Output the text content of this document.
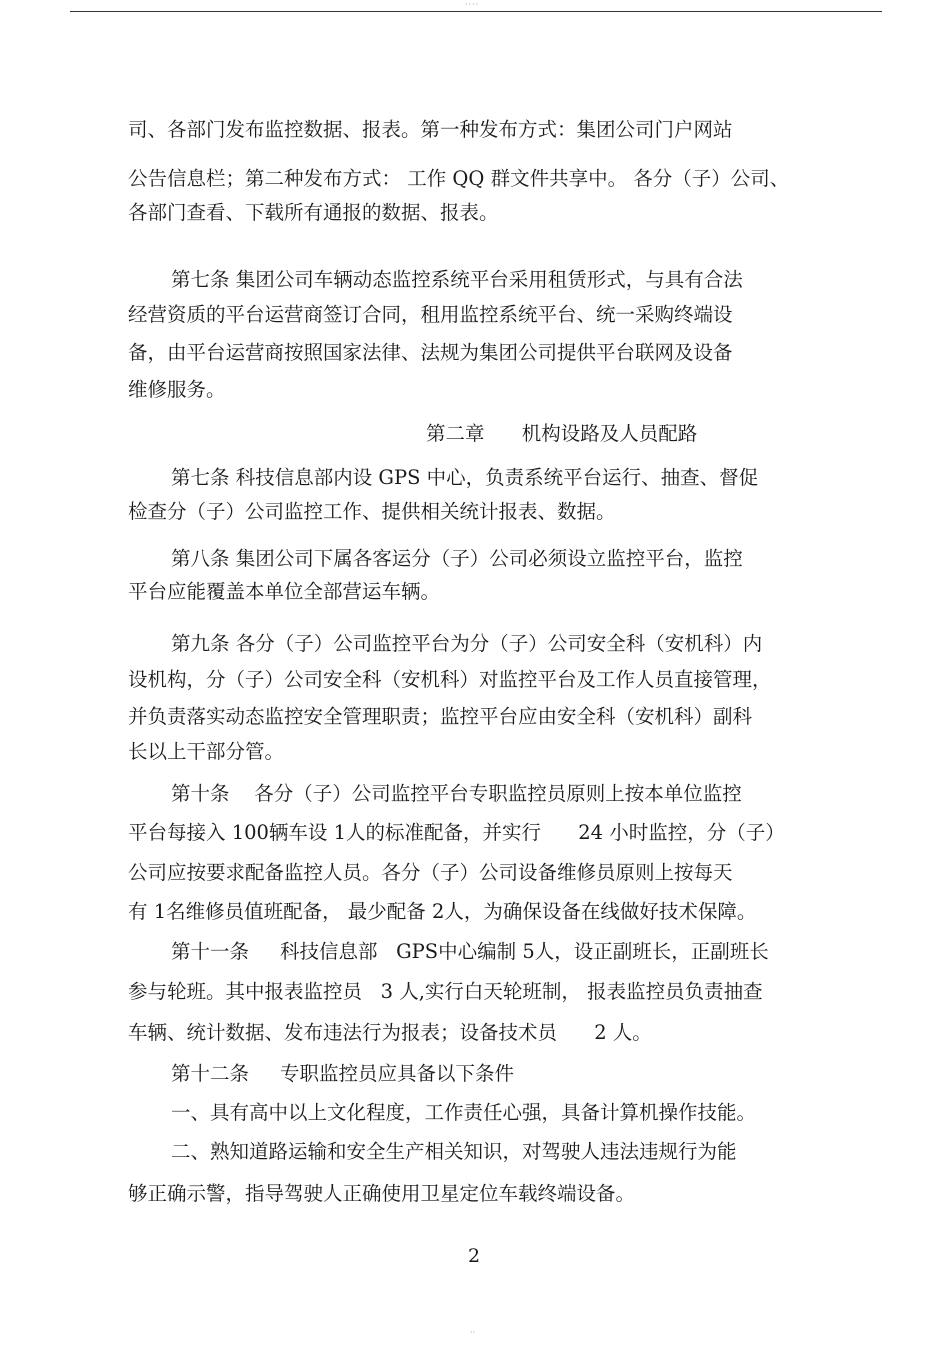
····
司、各部门发布监控数据、报表。第一种发布方式：集团公司门户网站
公告信息栏；第二种发布方式： 工作 QQ 群文件共享中。 各分（子）公司、
各部门查看、下载所有通报的数据、报表。
第七条 集团公司车辆动态监控系统平台采用租赁形式，与具有合法
经营资质的平台运营商签订合同，租用监控系统平台、统一采购终端设
备，由平台运营商按照国家法律、法规为集团公司提供平台联网及设备
维修服务。
第二章      机构设路及人员配路
第七条 科技信息部内设 GPS 中心，负责系统平台运行、抽查、督促
检查分（子）公司监控工作、提供相关统计报表、数据。
第八条 集团公司下属各客运分（子）公司必须设立监控平台，监控
平台应能覆盖本单位全部营运车辆。
第九条 各分（子）公司监控平台为分（子）公司安全科（安机科）内
设机构，分（子）公司安全科（安机科）对监控平台及工作人员直接管理，
并负责落实动态监控安全管理职责；监控平台应由安全科（安机科）副科
长以上干部分管。
第十条    各分（子）公司监控平台专职监控员原则上按本单位监控
平台每接入 100辆车设 1人的标准配备，并实行      24 小时监控，分（子）
公司应按要求配备监控人员。各分（子）公司设备维修员原则上按每天
有 1名维修员值班配备， 最少配备 2人，为确保设备在线做好技术保障。
第十一条     科技信息部   GPS中心编制 5人，设正副班长，正副班长
参与轮班。其中报表监控员   3 人,实行白天轮班制， 报表监控员负责抽查
车辆、统计数据、发布违法行为报表；设备技术员      2 人。
第十二条     专职监控员应具备以下条件
一、具有高中以上文化程度，工作责任心强，具备计算机操作技能。
二、熟知道路运输和安全生产相关知识，对驾驶人违法违规行为能
够正确示警，指导驾驶人正确使用卫星定位车载终端设备。
2
··
